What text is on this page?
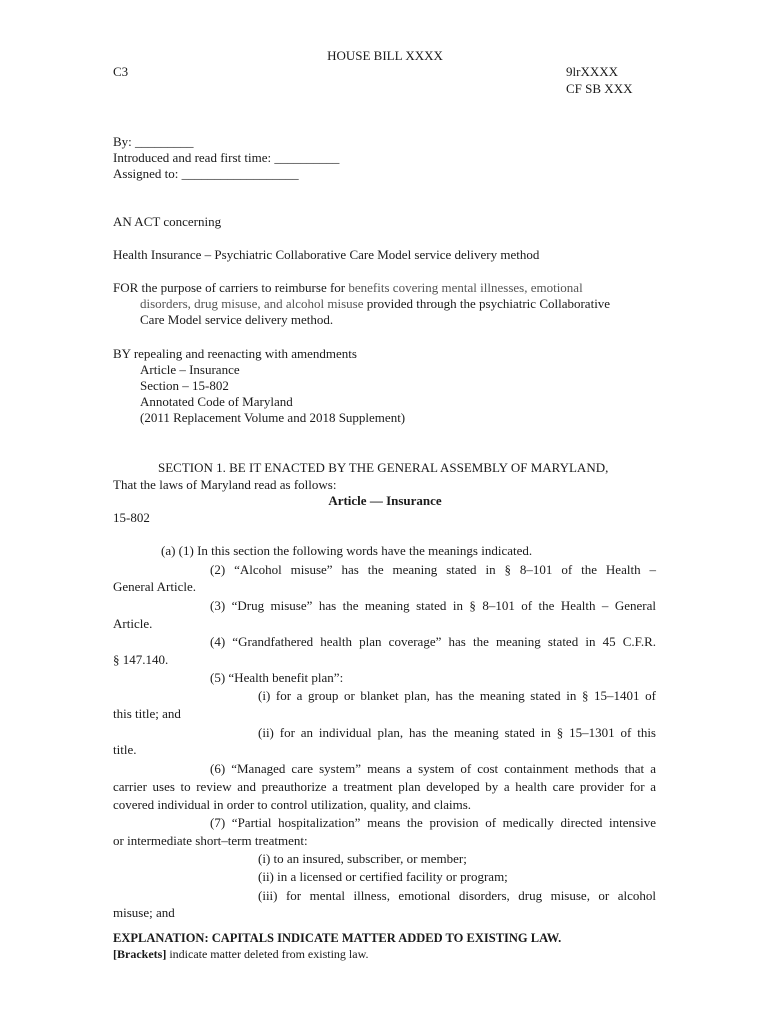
HOUSE BILL XXXX
C3	9lrXXXX
CF SB XXX
By: _________
Introduced and read first time: __________
Assigned to: __________________
AN ACT concerning
Health Insurance – Psychiatric Collaborative Care Model service delivery method
FOR the purpose of carriers to reimburse for benefits covering mental illnesses, emotional
disorders, drug misuse, and alcohol misuse provided through the psychiatric Collaborative
Care Model service delivery method.
BY repealing and reenacting with amendments
Article – Insurance
Section – 15-802
Annotated Code of Maryland
(2011 Replacement Volume and 2018 Supplement)
SECTION 1. BE IT ENACTED BY THE GENERAL ASSEMBLY OF MARYLAND,
That the laws of Maryland read as follows:
Article — Insurance
15-802
(a) (1) In this section the following words have the meanings indicated.
(2) “Alcohol misuse” has the meaning stated in § 8–101 of the Health –
General Article.
(3) “Drug misuse” has the meaning stated in § 8–101 of the Health – General
Article.
(4) “Grandfathered health plan coverage” has the meaning stated in 45 C.F.R.
§ 147.140.
(5) “Health benefit plan”:
(i) for a group or blanket plan, has the meaning stated in § 15–1401 of
this title; and
(ii) for an individual plan, has the meaning stated in § 15–1301 of this
title.
(6) “Managed care system” means a system of cost containment methods that a
carrier uses to review and preauthorize a treatment plan developed by a health care provider for a
covered individual in order to control utilization, quality, and claims.
(7) “Partial hospitalization” means the provision of medically directed intensive
or intermediate short–term treatment:
(i) to an insured, subscriber, or member;
(ii) in a licensed or certified facility or program;
(iii) for mental illness, emotional disorders, drug misuse, or alcohol
misuse; and
EXPLANATION: CAPITALS INDICATE MATTER ADDED TO EXISTING LAW.
[Brackets] indicate matter deleted from existing law.
